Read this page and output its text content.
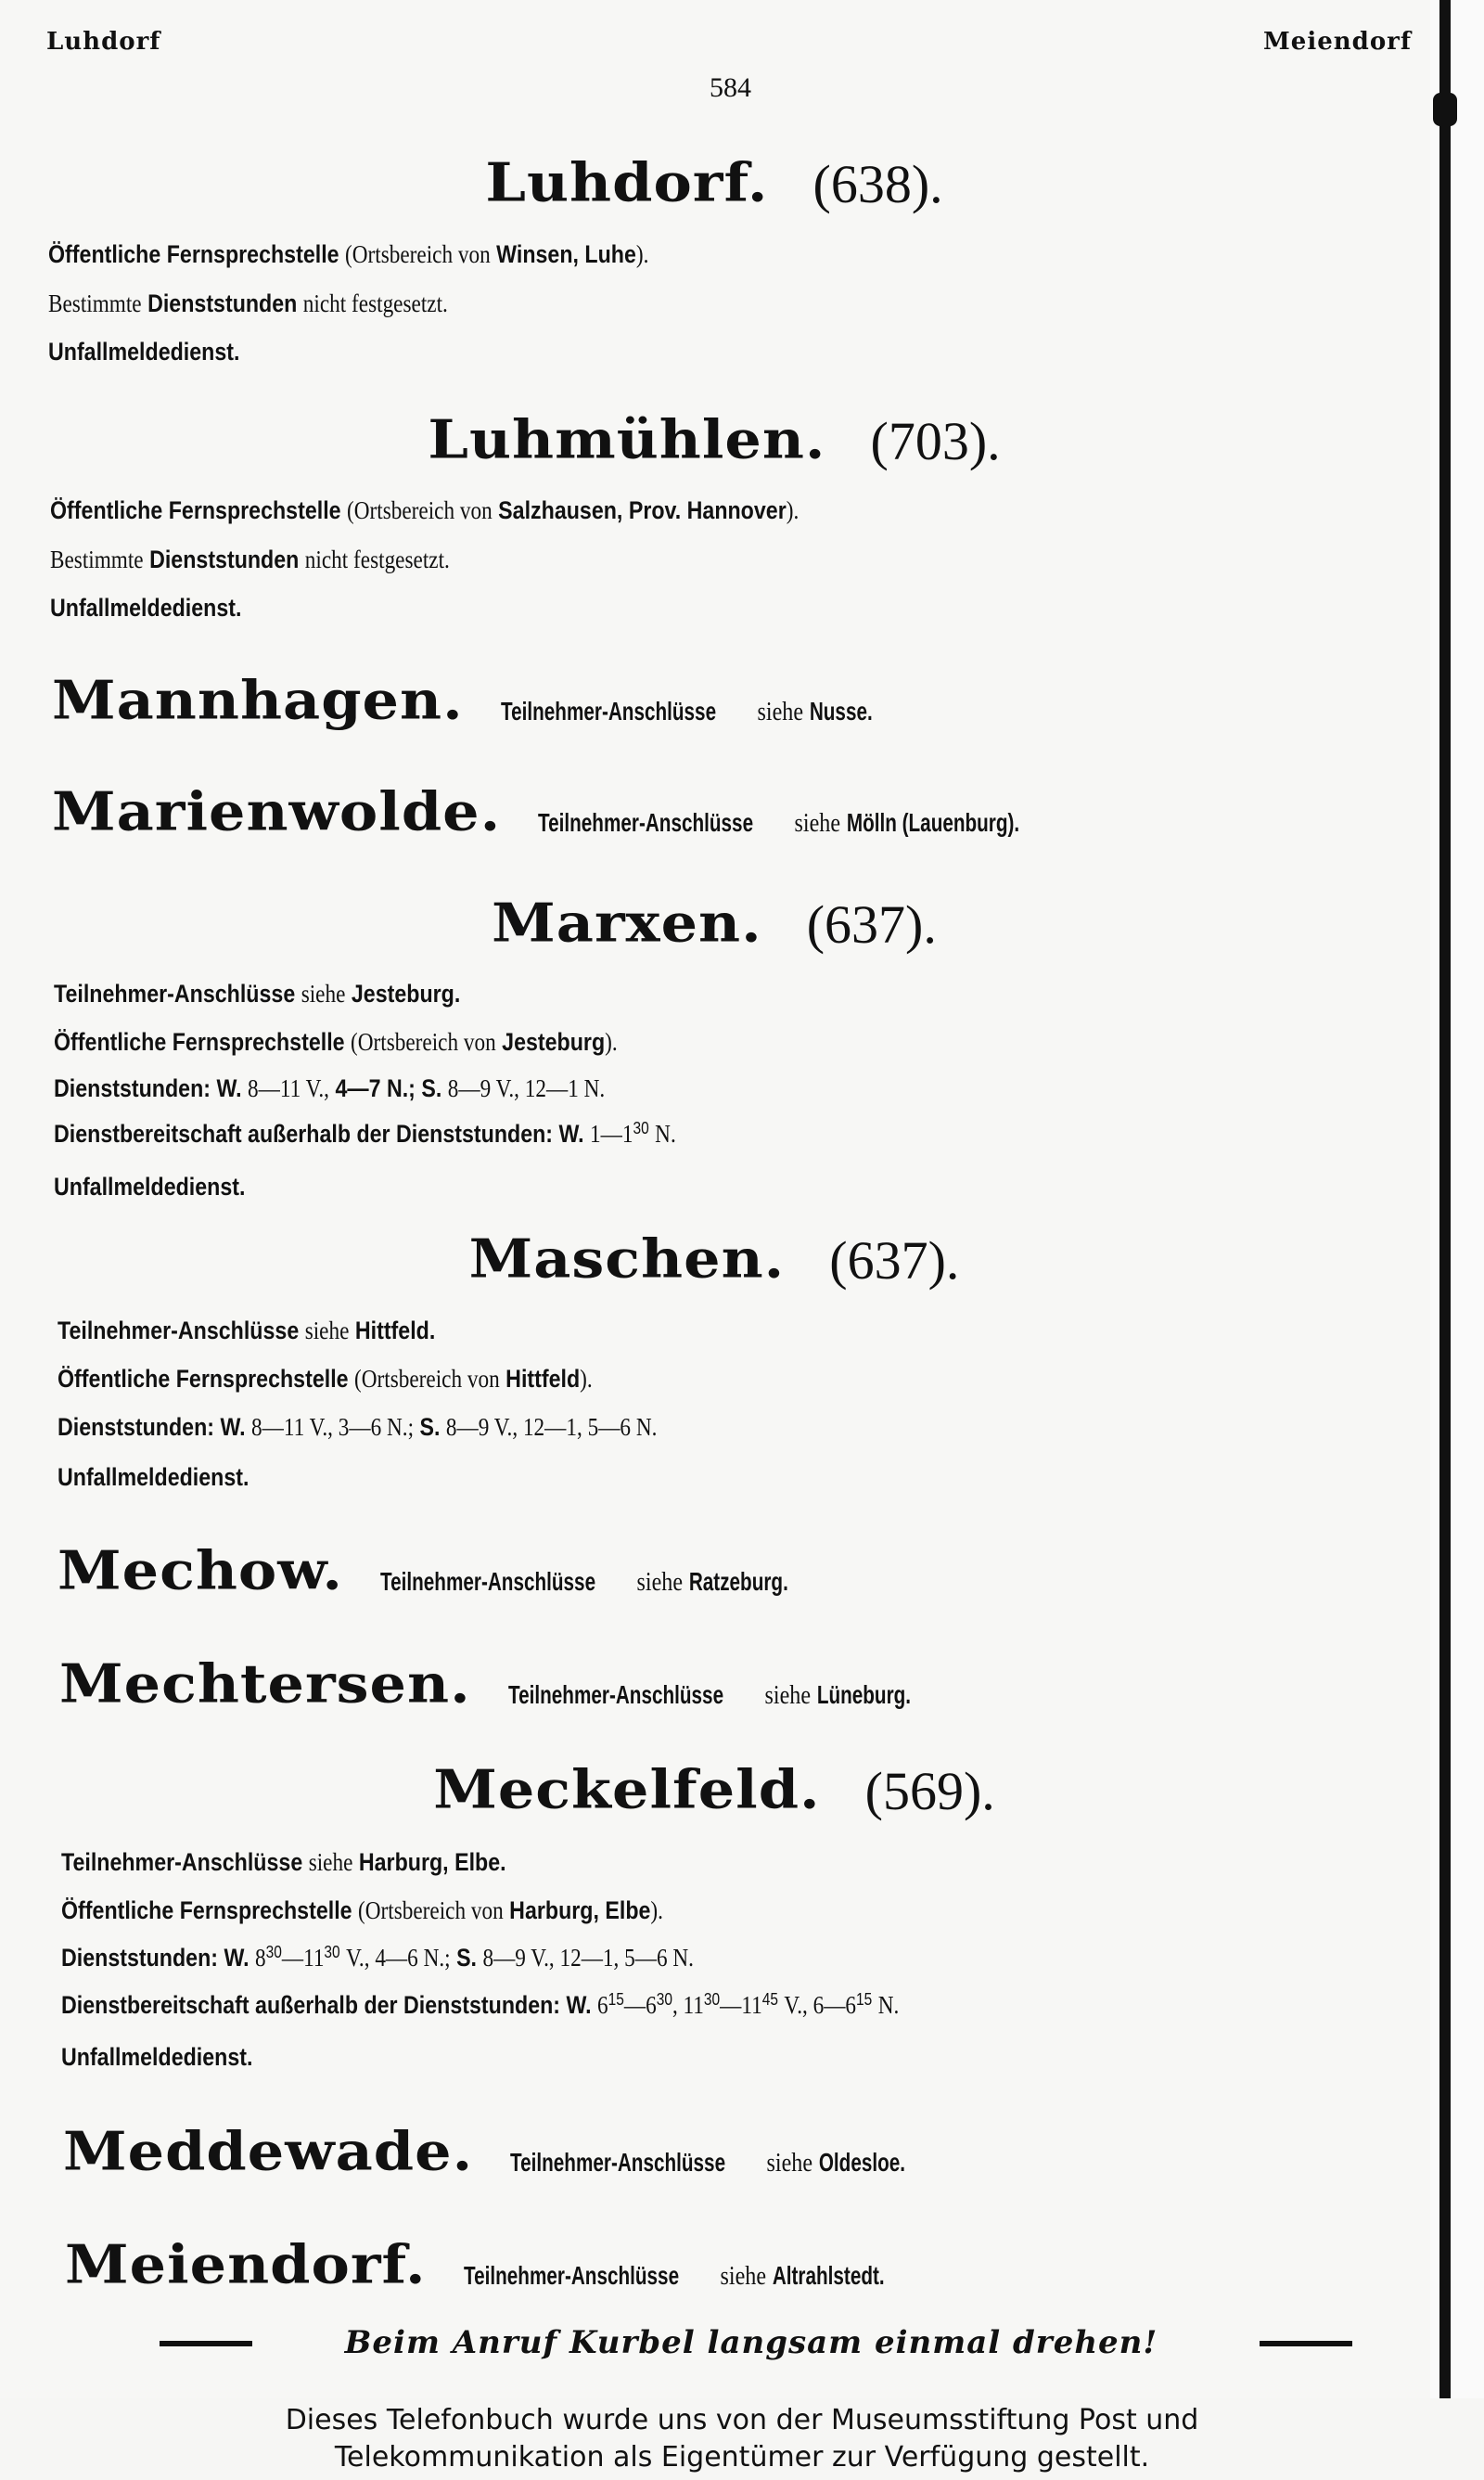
Luhdorf	Meiendorf
584
Luhdorf. (638).
Öffentliche Fernsprechstelle (Ortsbereich von Winsen, Luhe).
Bestimmte Dienststunden nicht festgesetzt.
Unfallmeldedienst.
Luhmühlen. (703).
Öffentliche Fernsprechstelle (Ortsbereich von Salzhausen, Prov. Hannover).
Bestimmte Dienststunden nicht festgesetzt.
Unfallmeldedienst.
Mannhagen. Teilnehmer-Anschlüsse siehe Nusse.
Marienwolde. Teilnehmer-Anschlüsse siehe Mölln (Lauenburg).
Marxen. (637).
Teilnehmer-Anschlüsse siehe Jesteburg.
Öffentliche Fernsprechstelle (Ortsbereich von Jesteburg).
Dienststunden: W. 8—11 V., 4—7 N.; S. 8—9 V., 12—1 N.
Dienstbereitschaft außerhalb der Dienststunden: W. $1—1^{30}$ N.
Unfallmeldedienst.
Maschen. (637).
Teilnehmer-Anschlüsse siehe Hittfeld.
Öffentliche Fernsprechstelle (Ortsbereich von Hittfeld).
Dienststunden: W. 8—11 V., 3—6 N.; S. 8—9 V., 12—1, 5—6 N.
Unfallmeldedienst.
Mechow. Teilnehmer-Anschlüsse siehe Ratzeburg.
Mechtersen. Teilnehmer-Anschlüsse siehe Lüneburg.
Meckelfeld. (569).
Teilnehmer-Anschlüsse siehe Harburg, Elbe.
Öffentliche Fernsprechstelle (Ortsbereich von Harburg, Elbe).
Dienststunden: W. $8^{30}—11^{30}$ V., 4—6 N.; S. 8—9 V., 12—1, 5—6 N.
Dienstbereitschaft außerhalb der Dienststunden: W. $6^{15}—6^{30}$, $11^{30}—11^{45}$ V., $6—6^{15}$ N.
Unfallmeldedienst.
Meddewade. Teilnehmer-Anschlüsse siehe Oldesloe.
Meiendorf. Teilnehmer-Anschlüsse siehe Altrahlstedt.
Beim Anruf Kurbel langsam einmal drehen!
Dieses Telefonbuch wurde uns von der Museumsstiftung Post und
Telekommunikation als Eigentümer zur Verfügung gestellt.
